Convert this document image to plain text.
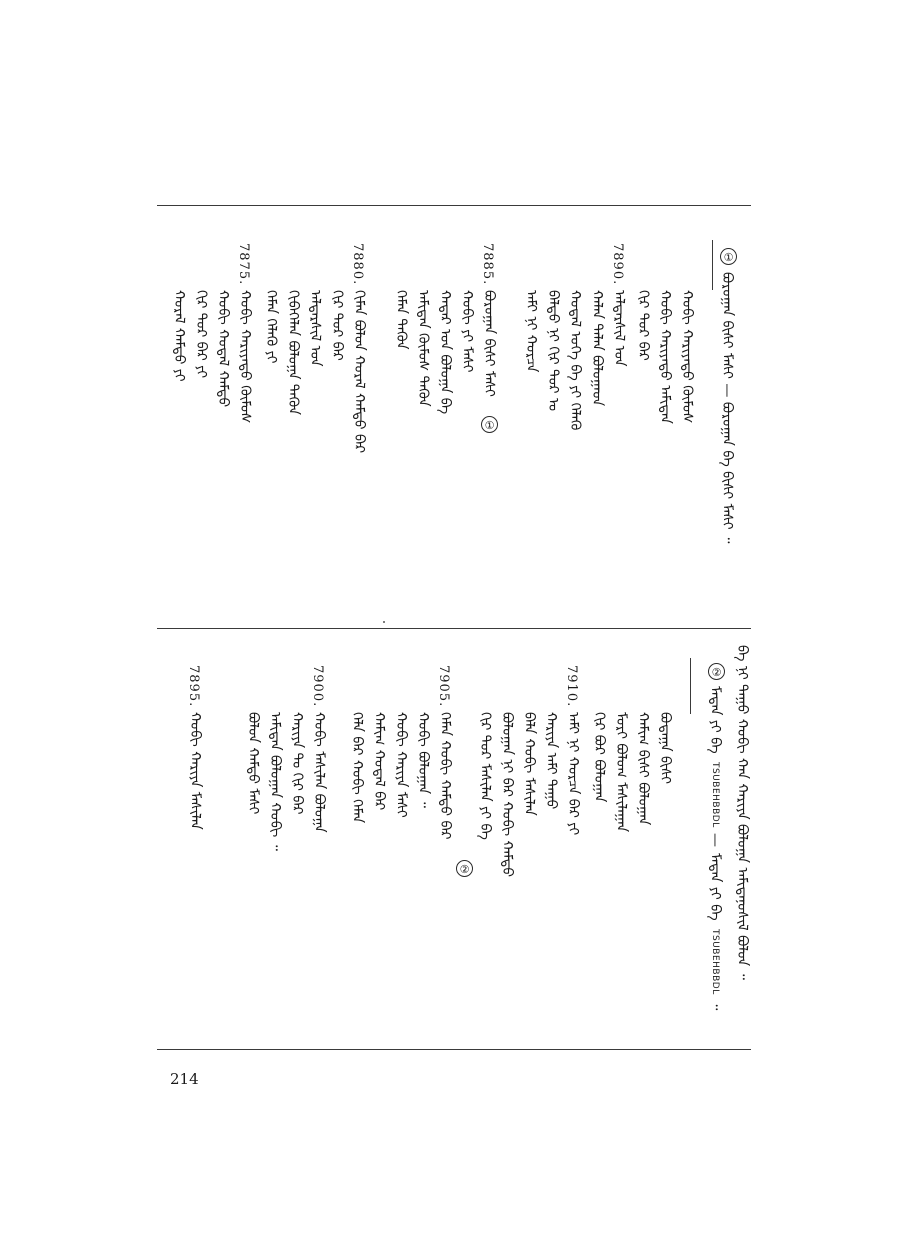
①
ᠪᠣᠷᠣᠭᠠᠨ ᠪᠢᠱᠢ ᠮᠠᠰᠢ — ᠪᠣᠷᠣᠭᠠᠨ ᠪᠠ ᠪᠢᠱᠢ ᠮᠠᠰᠢ ᠃
ᠬᠤᠪᠢ ᠬᠠᠷᠢᠶᠠᠲᠤ ᠬᠦᠮᠦᠰ
ᠬᠤᠪᠢ ᠬᠠᠷᠢᠶᠠᠲᠤ ᠠᠮᠢᠲᠠᠨ
ᠬᠢᠷ ᠲᠤᠷ ᠪᠠᠷ
7890.
ᠠᠯᠳᠠᠷᠰᠢᠯ ᠤᠨ
ᠬᠠᠯᠠᠨ ᠲᠠᠯᠠᠨ ᠪᠣᠯᠣᠭᠠᠳ
ᠬᠤᠳᠠᠯ ᠤᠭᠡ ᠪᠠ ᠶᠢ ᠬᠡᠯᠡᠬᠦ
ᠪᠠᠯᠳᠤ ᠨᠢ ᠬᠢᠷ ᠲᠤᠷ ᠤ
ᠠᠮᠢ ᠨᠢ ᠬᠤᠷᠴᠠ
7885.
ᠪᠣᠷᠣᠭᠠᠨ ᠪᠢᠱᠢ ᠮᠠᠰᠢ
①
ᠬᠤᠪᠢ ᠶᠢ ᠮᠠᠰᠢ
ᠬᠠᠳᠠᠷ ᠤᠨ ᠪᠣᠯᠣᠭᠠ ᠪᠠ
ᠠᠮᠢᠲᠠᠨ ᠬᠦᠮᠦᠰ ᠲᠡᠭᠦᠨ
ᠬᠡᠮᠡᠨ ᠲᠡᠭᠦᠨ
7880.
ᠬᠢᠮᠡᠨ ᠪᠣᠯᠤᠨ ᠬᠤᠷᠠᠯ ᠬᠠᠮᠲᠤ ᠪᠠᠷ
ᠬᠢᠷ ᠲᠤᠷ ᠪᠠᠷ
ᠠᠯᠳᠠᠷᠰᠢᠯ ᠤᠨ
ᠬᠢᠪᠡᠭᠡᠯᠡᠨ ᠪᠣᠯᠣᠭᠠ ᠲᠡᠭᠦᠨ
ᠬᠡᠮᠡᠨ ᠬᠡᠯᠡᠬᠦ ᠶᠢ
7875.
ᠬᠤᠪᠢ ᠬᠠᠷᠢᠶᠠᠲᠤ ᠬᠦᠮᠦᠰ
ᠬᠤᠪᠢ ᠬᠤᠳᠠᠯ ᠬᠠᠮᠲᠤ
ᠬᠢᠷ ᠲᠤᠷ ᠪᠠᠷ ᠶᠢ
ᠬᠤᠷᠠᠯ ᠬᠠᠮᠲᠤ ᠶᠢ
ᠪᠠ ᠨᠢ ᠳᠠᠭᠤ ᠬᠤᠪᠢ ᠬᠠᠨ ᠬᠠᠷᠢᠶᠠ ᠪᠣᠯᠣᠭᠠ ᠠᠮᠢᠲᠠᠨᠤᠰᠢᠯ ᠪᠣᠯᠣᠨ ᠃
②
ᠮᠡᠳᠡᠨ ᠶᠢ ᠪᠠ
TSUBEHBBDL
—
ᠮᠡᠳᠡᠨ ᠶᠢ ᠪᠠ
TSUBEHBBDL
᠃
ᠪᠣᠳᠠᠭᠠ ᠪᠢᠱᠢ
ᠬᠠᠮᠢᠭ ᠪᠢᠱᠢ ᠪᠣᠯᠣᠭᠠᠨ
ᠮᠣᠷᠢ ᠪᠣᠯᠣᠭ ᠮᠠᠰᠢᠯᠠᠭᠠᠨ
ᠬᠢᠷ ᠪᠤᠷ ᠪᠣᠯᠣᠭᠠᠨ
7910.
ᠠᠮᠢ ᠨᠢ ᠬᠤᠷᠴᠠ ᠪᠠᠷ ᠶᠢ
ᠬᠠᠷᠢᠶᠠ ᠠᠮᠢ ᠳᠠᠭᠤ
ᠪᠠᠯᠠ ᠬᠤᠪᠢ ᠮᠠᠰᠢᠯᠠᠨ
ᠪᠣᠯᠣᠭᠠᠨ ᠨᠢ ᠪᠠᠷ ᠬᠤᠪᠢ ᠬᠠᠮᠲᠤ
ᠬᠢᠷ ᠲᠤᠷ ᠮᠠᠰᠢᠯᠠᠨ ᠶᠢ ᠪᠠ
②
7905.
ᠬᠡᠮᠡᠨ ᠬᠤᠪᠢ ᠬᠠᠮᠲᠤ ᠪᠠᠷ
ᠬᠤᠪᠢ ᠪᠣᠯᠣᠭᠠᠨ ᠃
ᠬᠤᠪᠢ ᠬᠠᠷᠢᠶᠠ ᠮᠠᠰᠢ
ᠬᠠᠮᠢᠭ ᠬᠤᠳᠠᠯ ᠪᠠᠷ
ᠬᠡᠯᠡ ᠪᠠᠷ ᠬᠤᠪᠢ ᠬᠡᠮᠡᠨ
7900.
ᠬᠤᠪᠢ ᠮᠠᠰᠢᠯᠠᠨ ᠪᠣᠯᠣᠭᠠ
ᠬᠠᠷᠢᠶᠠ ᠲᠤ ᠬᠢᠷ ᠪᠠᠷ
ᠠᠮᠢᠲᠠᠨ ᠪᠣᠯᠣᠭᠠᠨ ᠬᠤᠪᠢ ᠃
ᠪᠣᠯᠣᠨ ᠬᠠᠮᠲᠤ ᠮᠠᠰᠢ
7895.
ᠬᠤᠪᠢ ᠬᠠᠷᠢᠶᠠ ᠮᠠᠰᠢᠯᠠᠨ
214
